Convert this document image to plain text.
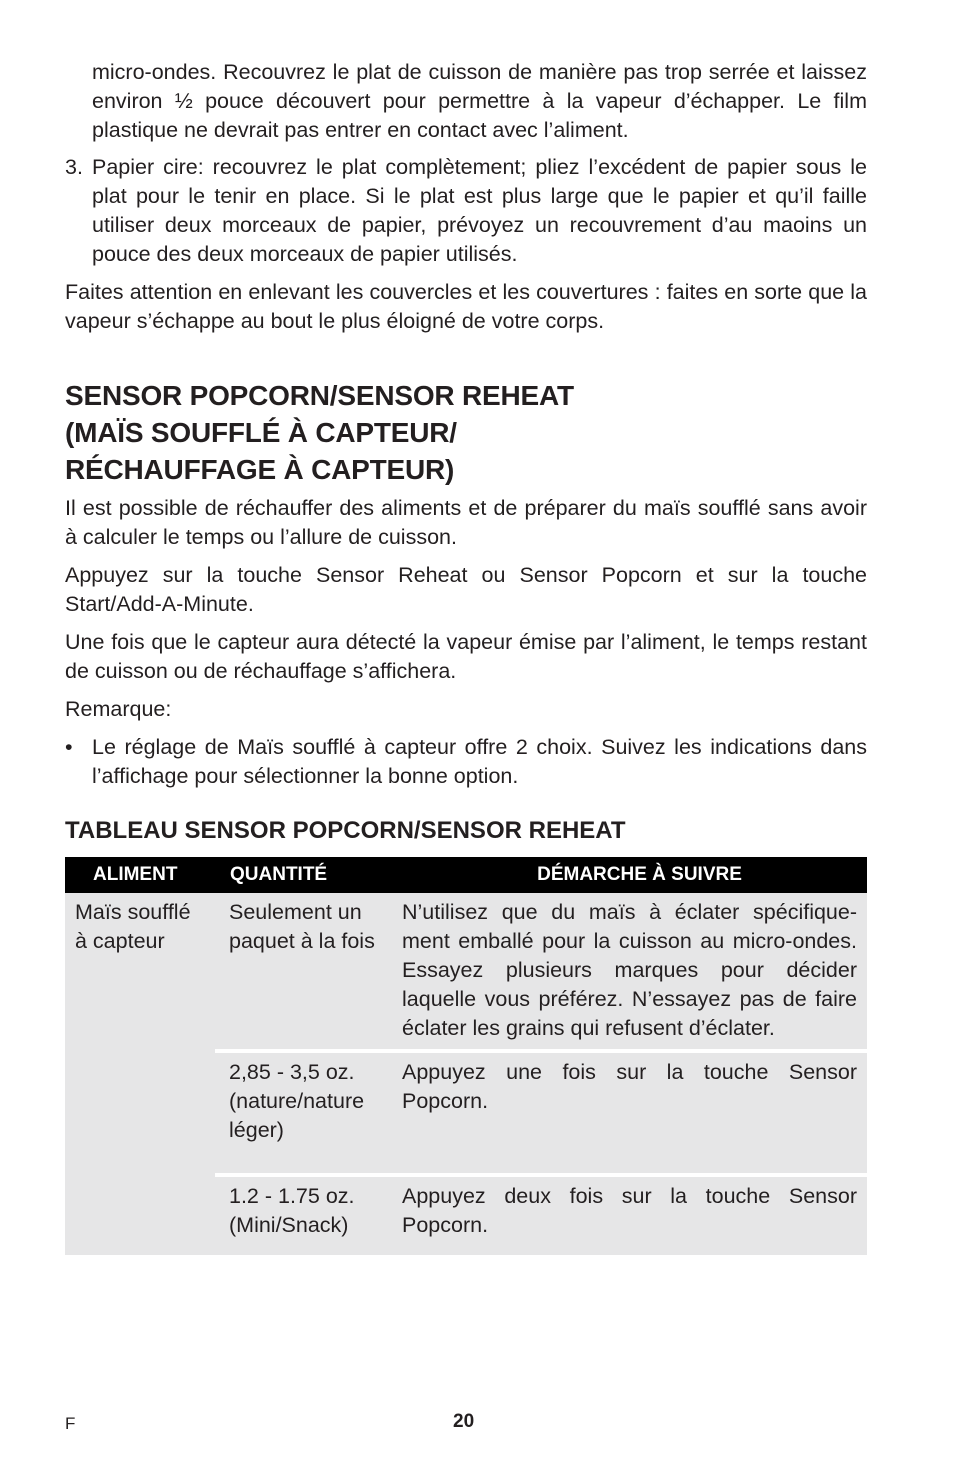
micro-ondes. Recouvrez le plat de cuisson de manière pas trop serrée et laissez environ ½ pouce découvert pour permettre à la vapeur d’échapper. Le film plastique ne devrait pas entrer en contact avec l’aliment.

3. Papier cire: recouvrez le plat complètement; pliez l’excédent de papier sous le plat pour le tenir en place. Si le plat est plus large que le papier et qu’il faille utiliser deux morceaux de papier, prévoyez un recouvrement d’au maoins un pouce des deux morceaux de papier utilisés.

Faites attention en enlevant les couvercles et les couvertures : faites en sorte que la vapeur s’échappe au bout le plus éloigné de votre corps.

SENSOR POPCORN/SENSOR REHEAT
(MAÏS SOUFFLÉ À CAPTEUR/
RÉCHAUFFAGE À CAPTEUR)

Il est possible de réchauffer des aliments et de préparer du maïs soufflé sans avoir à calculer le temps ou l’allure de cuisson.

Appuyez sur la touche Sensor Reheat ou Sensor Popcorn et sur la touche Start/Add-A-Minute.

Une fois que le capteur aura détecté la vapeur émise par l’aliment, le temps restant de cuisson ou de réchauffage s’affichera.

Remarque:

• Le réglage de Maïs soufflé à capteur offre 2 choix. Suivez les indications dans l’affichage pour sélectionner la bonne option.

TABLEAU SENSOR POPCORN/SENSOR REHEAT
ALIMENT	QUANTITÉ	DÉMARCHE À SUIVRE
Maïs soufflé à capteur	Seulement un paquet à la fois	N’utilisez que du maïs à éclater spécifique-ment emballé pour la cuisson au micro-ondes. Essayez plusieurs marques pour décider laquelle vous préférez. N’essayez pas de faire éclater les grains qui refusent d’éclater.
	2,85 - 3,5 oz. (nature/nature léger)	Appuyez une fois sur la touche Sensor Popcorn.
	1.2 - 1.75 oz. (Mini/Snack)	Appuyez deux fois sur la touche Sensor Popcorn.
F	20
